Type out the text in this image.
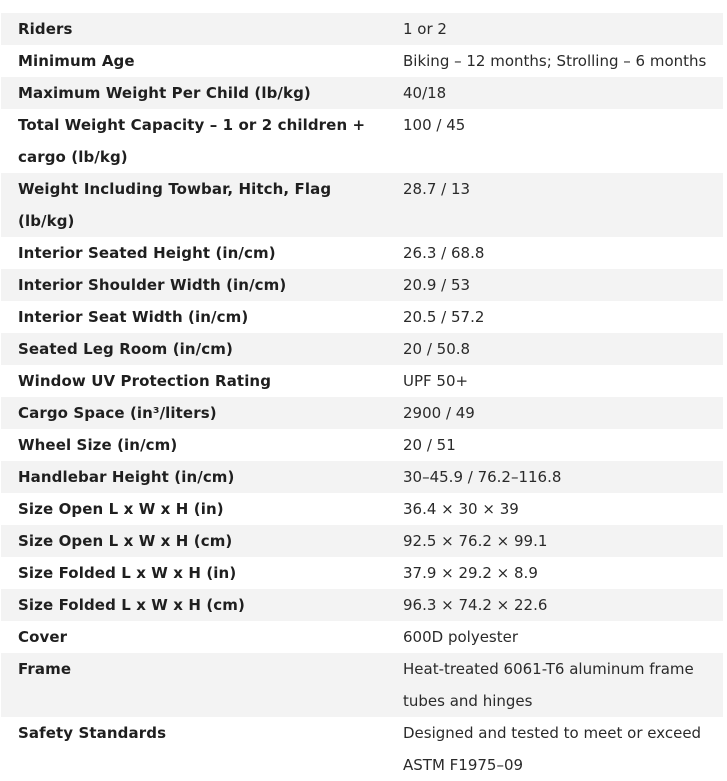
Riders	1 or 2
Minimum Age	Biking – 12 months; Strolling – 6 months
Maximum Weight Per Child (lb/kg)	40/18
Total Weight Capacity – 1 or 2 children + cargo (lb/kg)	100 / 45
Weight Including Towbar, Hitch, Flag (lb/kg)	28.7 / 13
Interior Seated Height (in/cm)	26.3 / 68.8
Interior Shoulder Width (in/cm)	20.9 / 53
Interior Seat Width (in/cm)	20.5 / 57.2
Seated Leg Room (in/cm)	20 / 50.8
Window UV Protection Rating	UPF 50+
Cargo Space (in³/liters)	2900 / 49
Wheel Size (in/cm)	20 / 51
Handlebar Height (in/cm)	30–45.9 / 76.2–116.8
Size Open L x W x H (in)	36.4 × 30 × 39
Size Open L x W x H (cm)	92.5 × 76.2 × 99.1
Size Folded L x W x H (in)	37.9 × 29.2 × 8.9
Size Folded L x W x H (cm)	96.3 × 74.2 × 22.6
Cover	600D polyester
Frame	Heat-treated 6061-T6 aluminum frame tubes and hinges
Safety Standards	Designed and tested to meet or exceed ASTM F1975–09
